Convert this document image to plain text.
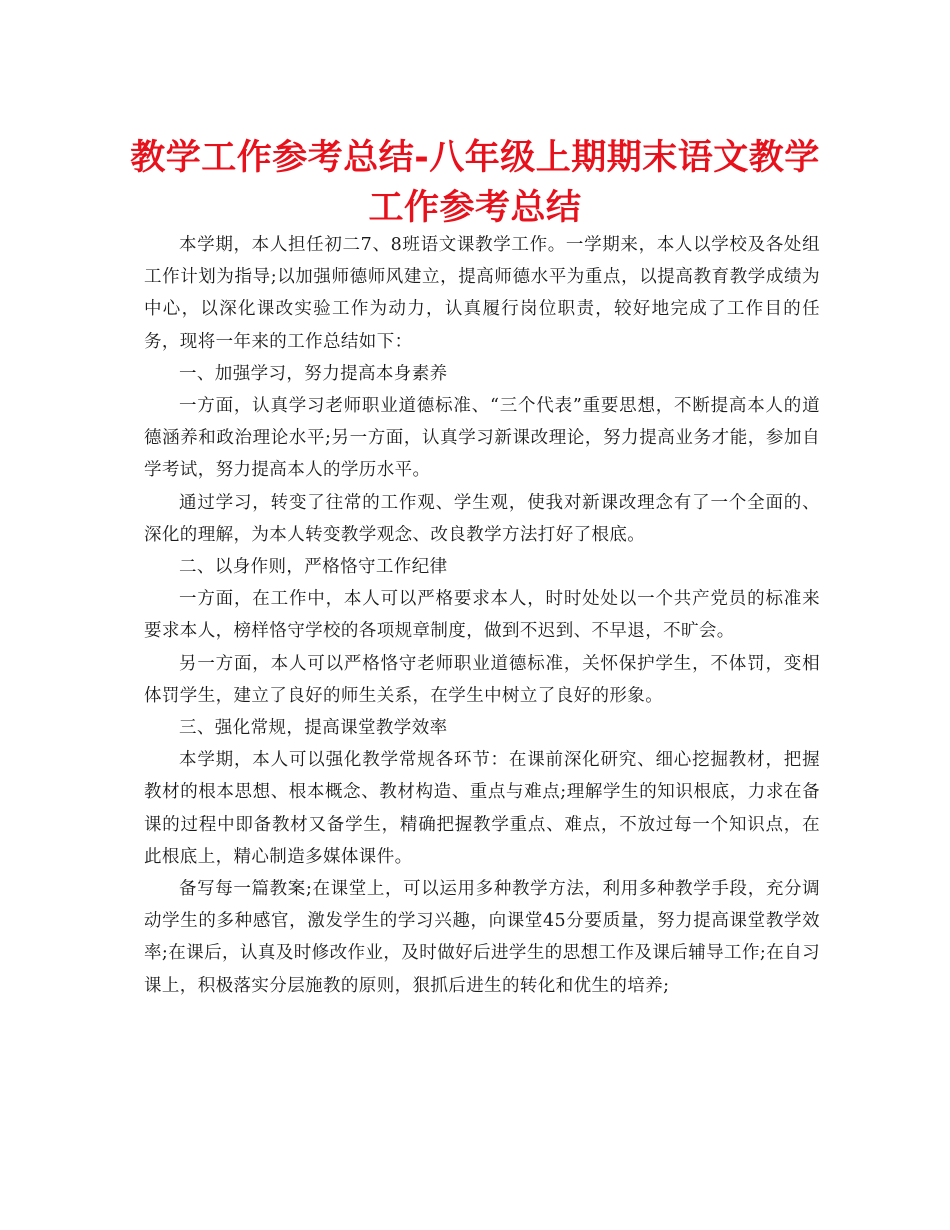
教学工作参考总结-八年级上期期末语文教学工作参考总结

本学期，本人担任初二7、8班语文课教学工作。一学期来，本人以学校及各处组工作计划为指导;以加强师德师风建立，提高师德水平为重点，以提高教育教学成绩为中心，以深化课改实验工作为动力，认真履行岗位职责，较好地完成了工作目的任务，现将一年来的工作总结如下：

一、加强学习，努力提高本身素养

一方面，认真学习老师职业道德标准、“三个代表”重要思想，不断提高本人的道德涵养和政治理论水平;另一方面，认真学习新课改理论，努力提高业务才能，参加自学考试，努力提高本人的学历水平。

通过学习，转变了往常的工作观、学生观，使我对新课改理念有了一个全面的、深化的理解，为本人转变教学观念、改良教学方法打好了根底。

二、以身作则，严格恪守工作纪律

一方面，在工作中，本人可以严格要求本人，时时处处以一个共产党员的标准来要求本人，榜样恪守学校的各项规章制度，做到不迟到、不早退，不旷会。

另一方面，本人可以严格恪守老师职业道德标准，关怀保护学生，不体罚，变相体罚学生，建立了良好的师生关系，在学生中树立了良好的形象。

三、强化常规，提高课堂教学效率

本学期，本人可以强化教学常规各环节：在课前深化研究、细心挖掘教材，把握教材的根本思想、根本概念、教材构造、重点与难点;理解学生的知识根底，力求在备课的过程中即备教材又备学生，精确把握教学重点、难点，不放过每一个知识点，在此根底上，精心制造多媒体课件。

备写每一篇教案;在课堂上，可以运用多种教学方法，利用多种教学手段，充分调动学生的多种感官，激发学生的学习兴趣，向课堂45分要质量，努力提高课堂教学效率;在课后，认真及时修改作业，及时做好后进学生的思想工作及课后辅导工作;在自习课上，积极落实分层施教的原则，狠抓后进生的转化和优生的培养;
